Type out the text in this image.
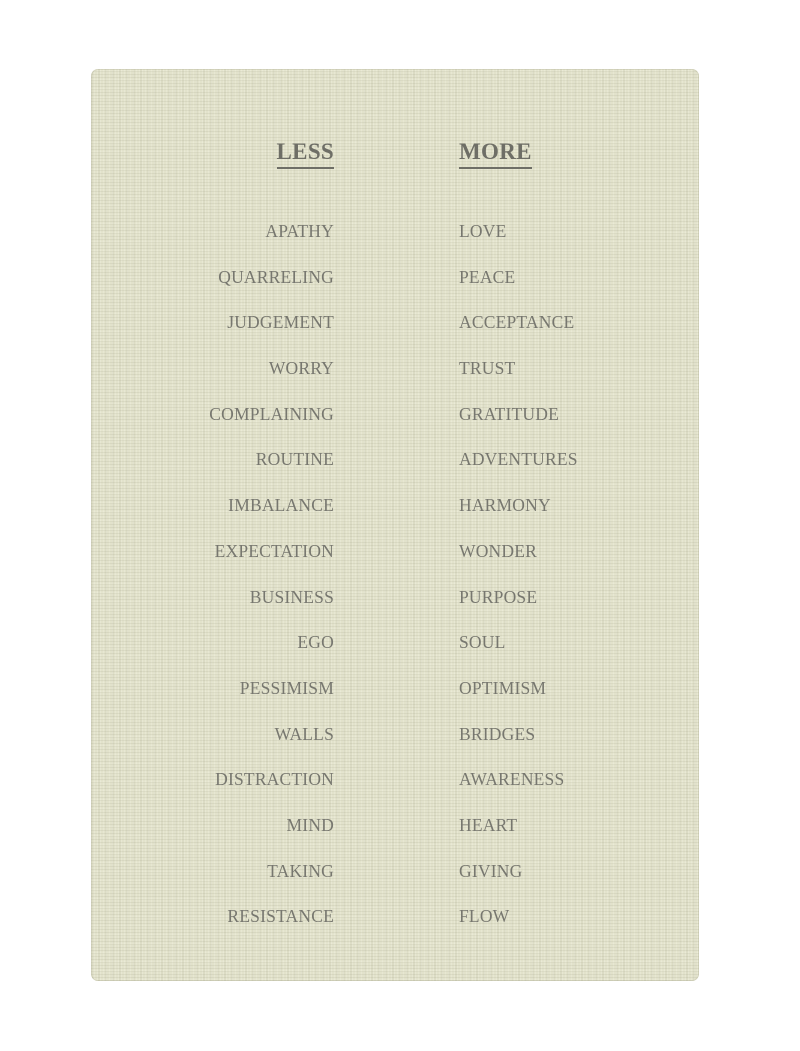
LESS	MORE
APATHY
QUARRELING
JUDGEMENT
WORRY
COMPLAINING
ROUTINE
IMBALANCE
EXPECTATION
BUSINESS
EGO
PESSIMISM
WALLS
DISTRACTION
MIND
TAKING
RESISTANCE
LOVE
PEACE
ACCEPTANCE
TRUST
GRATITUDE
ADVENTURES
HARMONY
WONDER
PURPOSE
SOUL
OPTIMISM
BRIDGES
AWARENESS
HEART
GIVING
FLOW
